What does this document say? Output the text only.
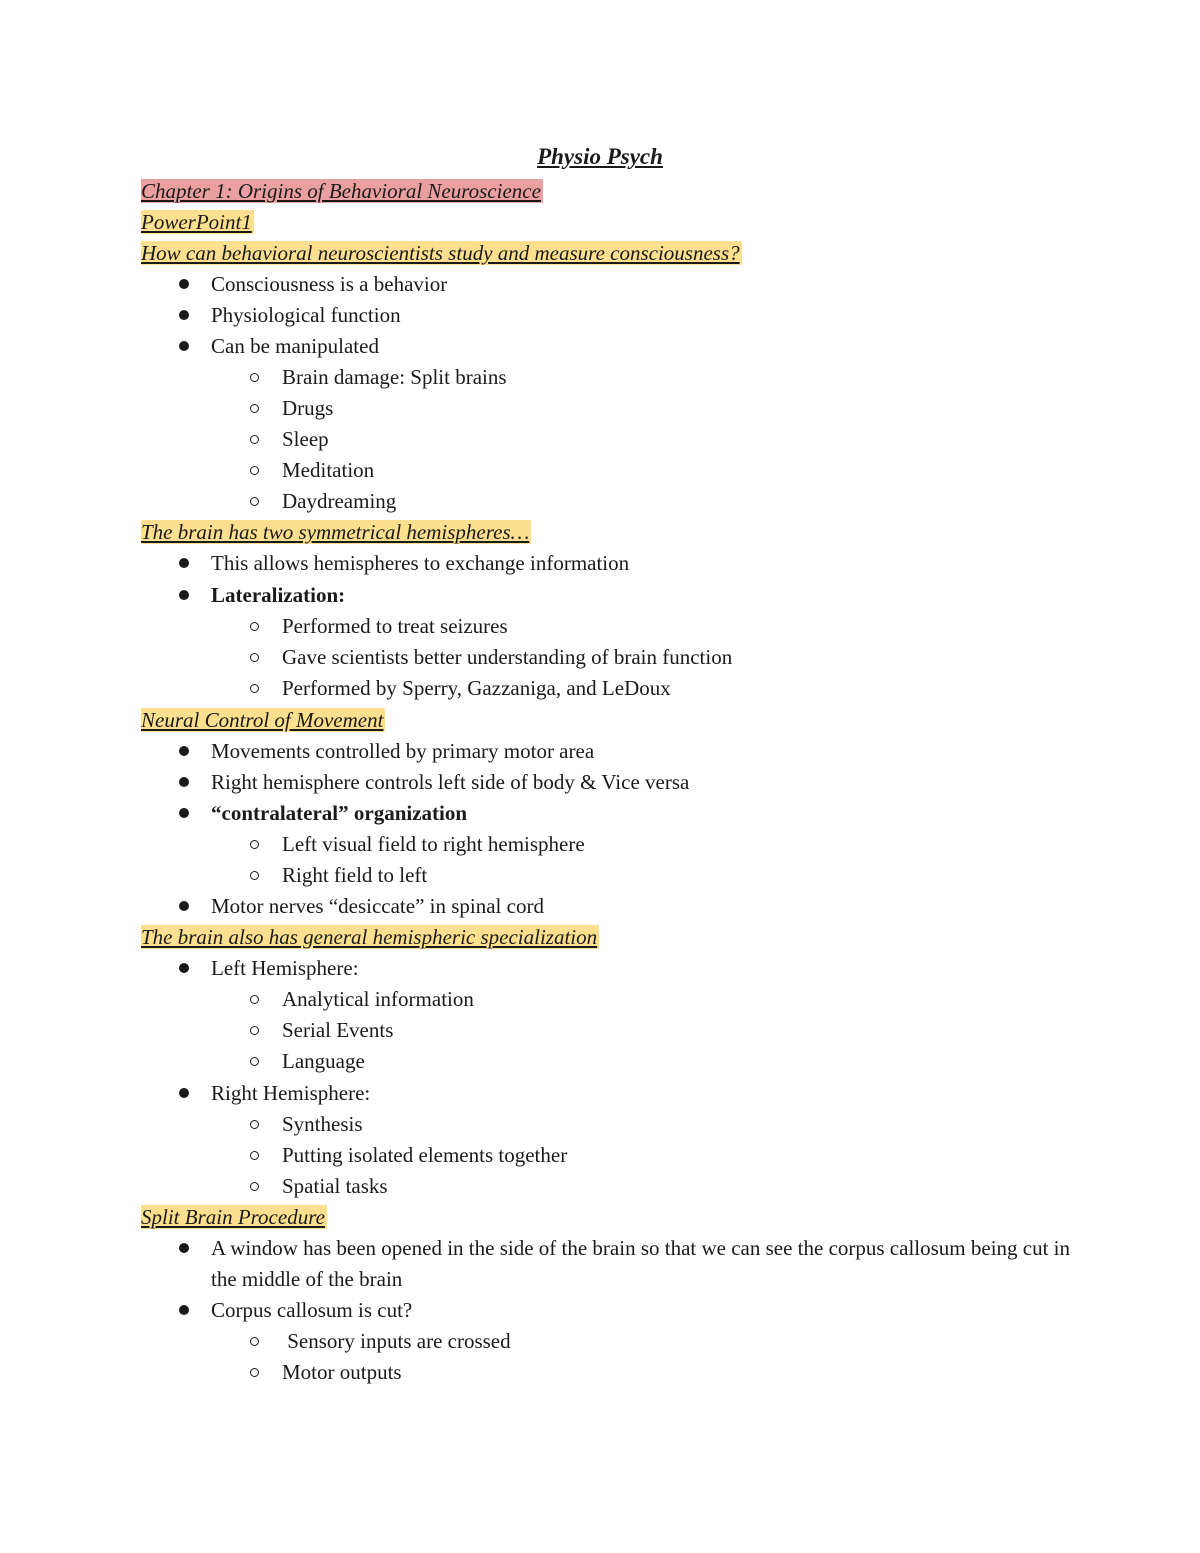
Physio Psych
Chapter 1: Origins of Behavioral Neuroscience
PowerPoint1
How can behavioral neuroscientists study and measure consciousness?
Consciousness is a behavior
Physiological function
Can be manipulated
Brain damage: Split brains
Drugs
Sleep
Meditation
Daydreaming
The brain has two symmetrical hemispheres…
This allows hemispheres to exchange information
Lateralization:
Performed to treat seizures
Gave scientists better understanding of brain function
Performed by Sperry, Gazzaniga, and LeDoux
Neural Control of Movement
Movements controlled by primary motor area
Right hemisphere controls left side of body & Vice versa
“contralateral” organization
Left visual field to right hemisphere
Right field to left
Motor nerves “desiccate” in spinal cord
The brain also has general hemispheric specialization
Left Hemisphere:
Analytical information
Serial Events
Language
Right Hemisphere:
Synthesis
Putting isolated elements together
Spatial tasks
Split Brain Procedure
A window has been opened in the side of the brain so that we can see the corpus callosum being cut in the middle of the brain
Corpus callosum is cut?
Sensory inputs are crossed
Motor outputs
